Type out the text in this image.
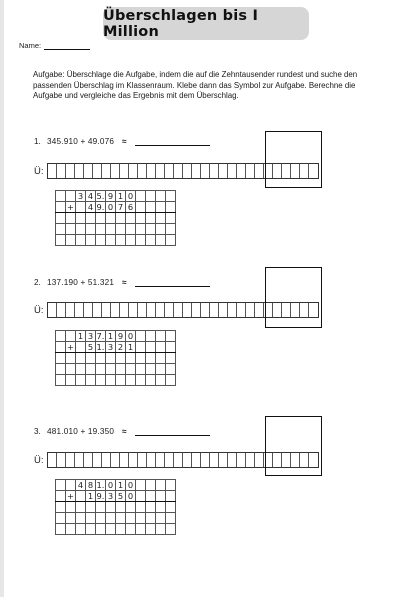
Überschlagen bis I Million
Name:
Aufgabe: Überschlage die Aufgabe, indem die auf die Zehntausender rundest und suche den passenden Überschlag im Klassenraum. Klebe dann das Symbol zur Aufgabe. Berechne die Aufgabe und vergleiche das Ergebnis mit dem Überschlag.
1. 345.910 + 49.076 ≈
Ü:
		3	4	5.	9	1	0				
	+		4	9.	0	7	6				

2. 137.190 + 51.321 ≈
Ü:
		1	3	7.	1	9	0				
	+		5	1.	3	2	1				

3. 481.010 + 19.350 ≈
Ü:
		4	8	1.	0	1	0				
	+		1	9.	3	5	0				
